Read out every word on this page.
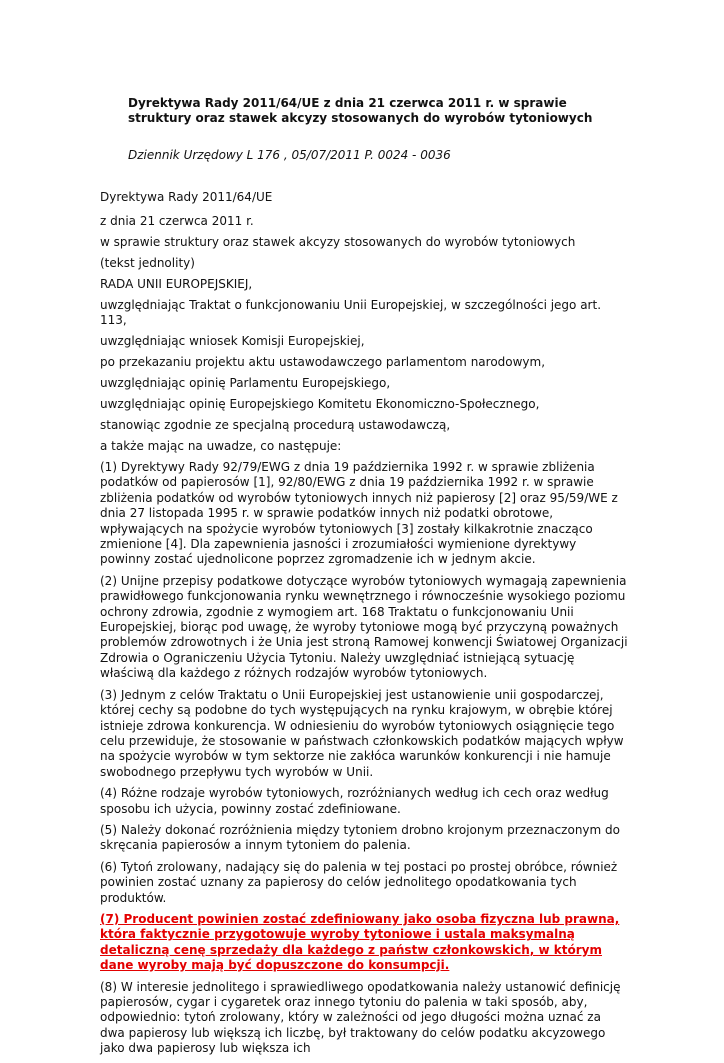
Dyrektywa Rady 2011/64/UE z dnia 21 czerwca 2011 r. w sprawie struktury oraz stawek akcyzy stosowanych do wyrobów tytoniowych
Dziennik Urzędowy L 176 , 05/07/2011 P. 0024 - 0036
Dyrektywa Rady 2011/64/UE
z dnia 21 czerwca 2011 r.
w sprawie struktury oraz stawek akcyzy stosowanych do wyrobów tytoniowych
(tekst jednolity)
RADA UNII EUROPEJSKIEJ,
uwzględniając Traktat o funkcjonowaniu Unii Europejskiej, w szczególności jego art. 113,
uwzględniając wniosek Komisji Europejskiej,
po przekazaniu projektu aktu ustawodawczego parlamentom narodowym,
uwzględniając opinię Parlamentu Europejskiego,
uwzględniając opinię Europejskiego Komitetu Ekonomiczno-Społecznego,
stanowiąc zgodnie ze specjalną procedurą ustawodawczą,
a także mając na uwadze, co następuje:

(1) Dyrektywy Rady 92/79/EWG z dnia 19 października 1992 r. w sprawie zbliżenia podatków od papierosów [1], 92/80/EWG z dnia 19 października 1992 r. w sprawie zbliżenia podatków od wyrobów tytoniowych innych niż papierosy [2] oraz 95/59/WE z dnia 27 listopada 1995 r. w sprawie podatków innych niż podatki obrotowe, wpływających na spożycie wyrobów tytoniowych [3] zostały kilkakrotnie znacząco zmienione [4]. Dla zapewnienia jasności i zrozumiałości wymienione dyrektywy powinny zostać ujednolicone poprzez zgromadzenie ich w jednym akcie.

(2) Unijne przepisy podatkowe dotyczące wyrobów tytoniowych wymagają zapewnienia prawidłowego funkcjonowania rynku wewnętrznego i równocześnie wysokiego poziomu ochrony zdrowia, zgodnie z wymogiem art. 168 Traktatu o funkcjonowaniu Unii Europejskiej, biorąc pod uwagę, że wyroby tytoniowe mogą być przyczyną poważnych problemów zdrowotnych i że Unia jest stroną Ramowej konwencji Światowej Organizacji Zdrowia o Ograniczeniu Użycia Tytoniu. Należy uwzględniać istniejącą sytuację właściwą dla każdego z różnych rodzajów wyrobów tytoniowych.

(3) Jednym z celów Traktatu o Unii Europejskiej jest ustanowienie unii gospodarczej, której cechy są podobne do tych występujących na rynku krajowym, w obrębie której istnieje zdrowa konkurencja. W odniesieniu do wyrobów tytoniowych osiągnięcie tego celu przewiduje, że stosowanie w państwach członkowskich podatków mających wpływ na spożycie wyrobów w tym sektorze nie zakłóca warunków konkurencji i nie hamuje swobodnego przepływu tych wyrobów w Unii.

(4) Różne rodzaje wyrobów tytoniowych, rozróżnianych według ich cech oraz według sposobu ich użycia, powinny zostać zdefiniowane.

(5) Należy dokonać rozróżnienia między tytoniem drobno krojonym przeznaczonym do skręcania papierosów a innym tytoniem do palenia.

(6) Tytoń zrolowany, nadający się do palenia w tej postaci po prostej obróbce, również powinien zostać uznany za papierosy do celów jednolitego opodatkowania tych produktów.

(7) Producent powinien zostać zdefiniowany jako osoba fizyczna lub prawna, która faktycznie przygotowuje wyroby tytoniowe i ustala maksymalną detaliczną cenę sprzedaży dla każdego z państw członkowskich, w którym dane wyroby mają być dopuszczone do konsumpcji.

(8) W interesie jednolitego i sprawiedliwego opodatkowania należy ustanowić definicję papierosów, cygar i cygaretek oraz innego tytoniu do palenia w taki sposób, aby, odpowiednio: tytoń zrolowany, który w zależności od jego długości można uznać za dwa papierosy lub większą ich liczbę, był traktowany do celów podatku akcyzowego jako dwa papierosy lub większa ich
